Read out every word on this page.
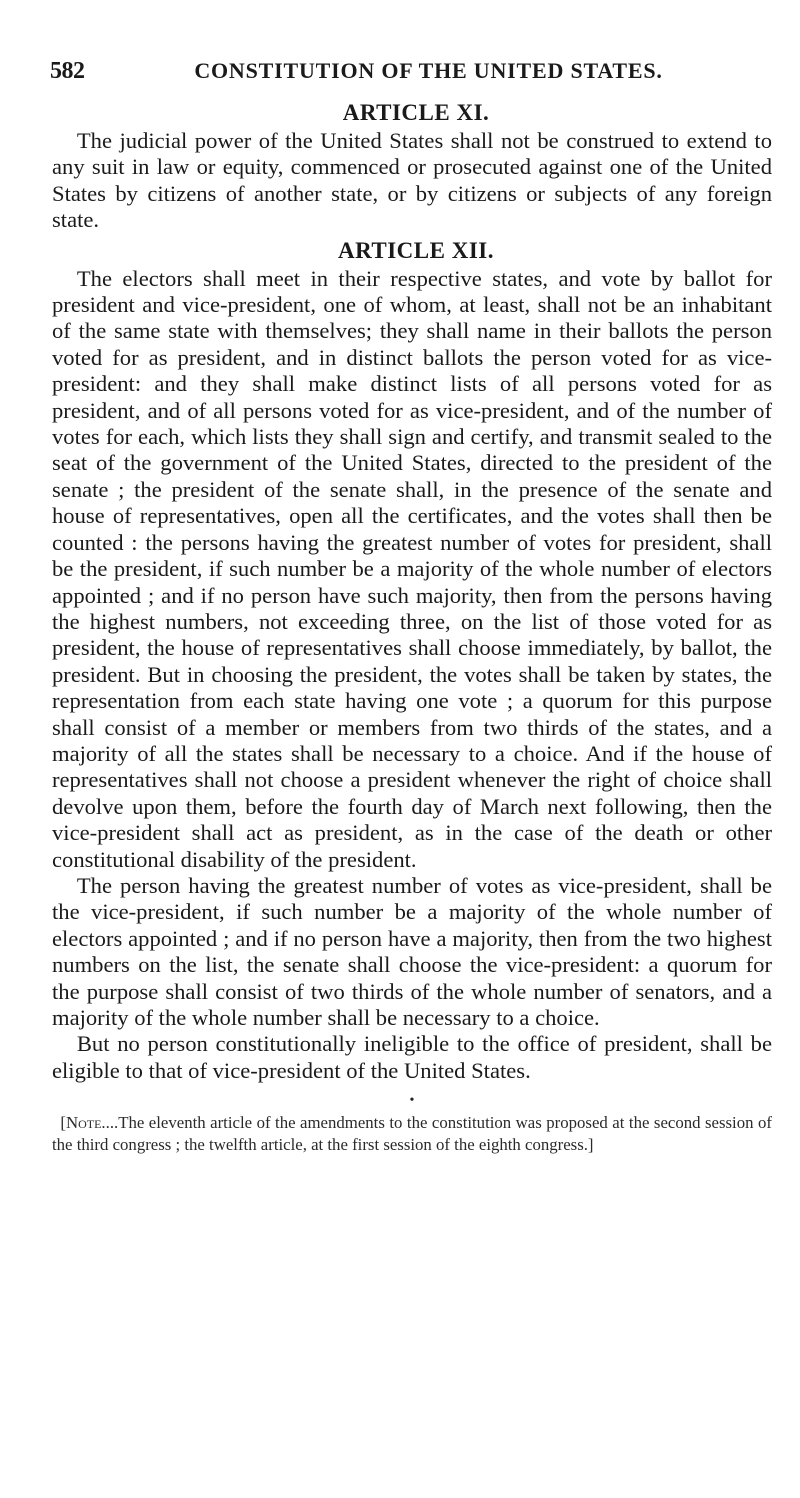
582	CONSTITUTION OF THE UNITED STATES.
ARTICLE XI.

The judicial power of the United States shall not be construed to extend to any suit in law or equity, commenced or prosecuted against one of the United States by citizens of another state, or by citizens or subjects of any foreign state.

ARTICLE XII.

The electors shall meet in their respective states, and vote by ballot for president and vice-president, one of whom, at least, shall not be an inhabitant of the same state with themselves; they shall name in their ballots the person voted for as president, and in distinct ballots the person voted for as vice-president: and they shall make distinct lists of all persons voted for as president, and of all persons voted for as vice-president, and of the number of votes for each, which lists they shall sign and certify, and transmit sealed to the seat of the government of the United States, directed to the president of the senate ; the president of the senate shall, in the presence of the senate and house of representatives, open all the certificates, and the votes shall then be counted : the persons having the greatest number of votes for president, shall be the president, if such number be a majority of the whole number of electors appointed ; and if no person have such majority, then from the persons having the highest numbers, not exceeding three, on the list of those voted for as president, the house of representatives shall choose immediately, by ballot, the president. But in choosing the president, the votes shall be taken by states, the representation from each state having one vote ; a quorum for this purpose shall consist of a member or members from two thirds of the states, and a majority of all the states shall be necessary to a choice. And if the house of representatives shall not choose a president whenever the right of choice shall devolve upon them, before the fourth day of March next following, then the vice-president shall act as president, as in the case of the death or other constitutional disability of the president.

The person having the greatest number of votes as vice-president, shall be the vice-president, if such number be a majority of the whole number of electors appointed ; and if no person have a majority, then from the two highest numbers on the list, the senate shall choose the vice-president: a quorum for the purpose shall consist of two thirds of the whole number of senators, and a majority of the whole number shall be necessary to a choice.

But no person constitutionally ineligible to the office of president, shall be eligible to that of vice-president of the United States.

•

[Note....The eleventh article of the amendments to the constitution was proposed at the second session of the third congress ; the twelfth article, at the first session of the eighth congress.]
